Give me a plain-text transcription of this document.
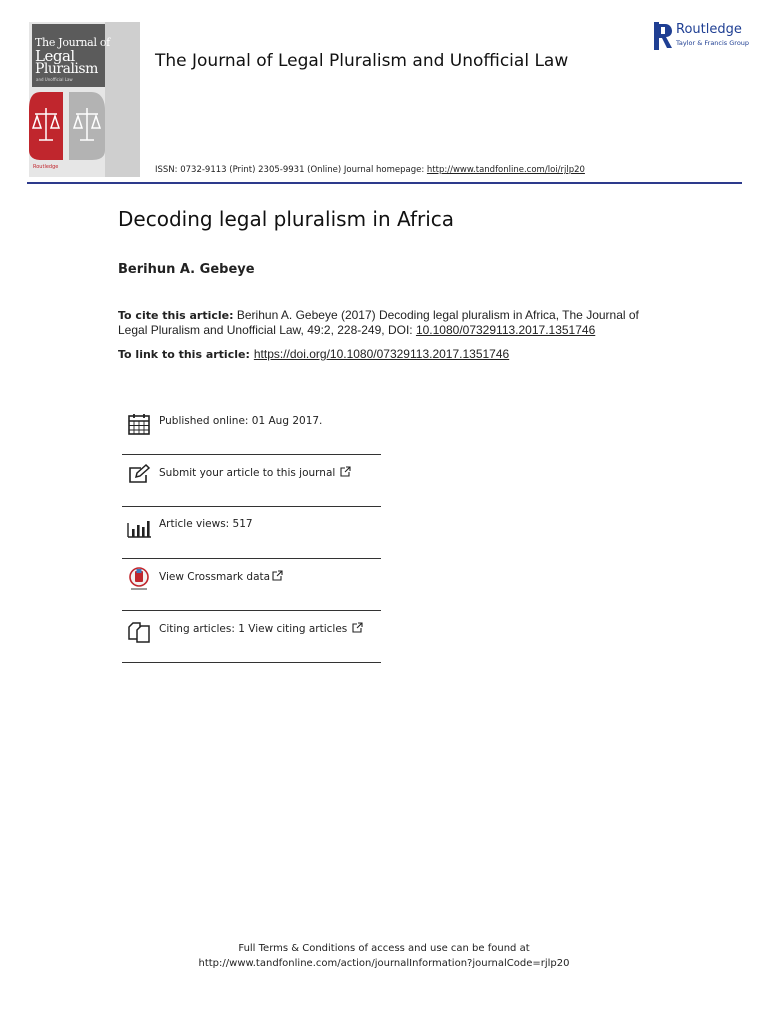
The Journal of
Legal
Pluralism
and Unofficial Law
Routledge
The Journal of Legal Pluralism and Unofficial Law
Routledge
Taylor & Francis Group
ISSN: 0732-9113 (Print) 2305-9931 (Online) Journal homepage: http://www.tandfonline.com/loi/rjlp20
Decoding legal pluralism in Africa
Berihun A. Gebeye
To cite this article: Berihun A. Gebeye (2017) Decoding legal pluralism in Africa, The Journal of Legal Pluralism and Unofficial Law, 49:2, 228-249, DOI: 10.1080/07329113.2017.1351746
To link to this article: https://doi.org/10.1080/07329113.2017.1351746
Published online: 01 Aug 2017.
Submit your article to this journal
Article views: 517
View Crossmark data
Citing articles: 1 View citing articles
Full Terms & Conditions of access and use can be found at
http://www.tandfonline.com/action/journalInformation?journalCode=rjlp20
